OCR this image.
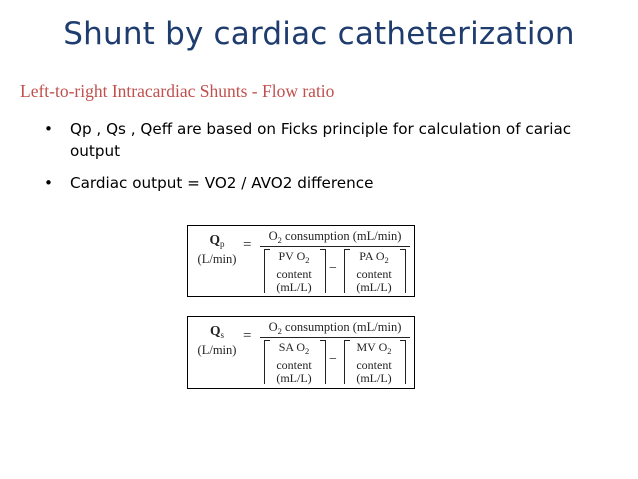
Shunt by cardiac catheterization
Left-to-right Intracardiac Shunts - Flow ratio
• Qp , Qs , Qeff are based on Ficks principle for calculation of cariac output
• Cardiac output = VO2 / AVO2 difference
$Q_p$
(L/min)
=
$O_2$ consumption (mL/min)
PV $O_2$
content
(mL/L)
−
PA $O_2$
content
(mL/L)
$Q_s$
(L/min)
=
$O_2$ consumption (mL/min)
SA $O_2$
content
(mL/L)
−
MV $O_2$
content
(mL/L)
